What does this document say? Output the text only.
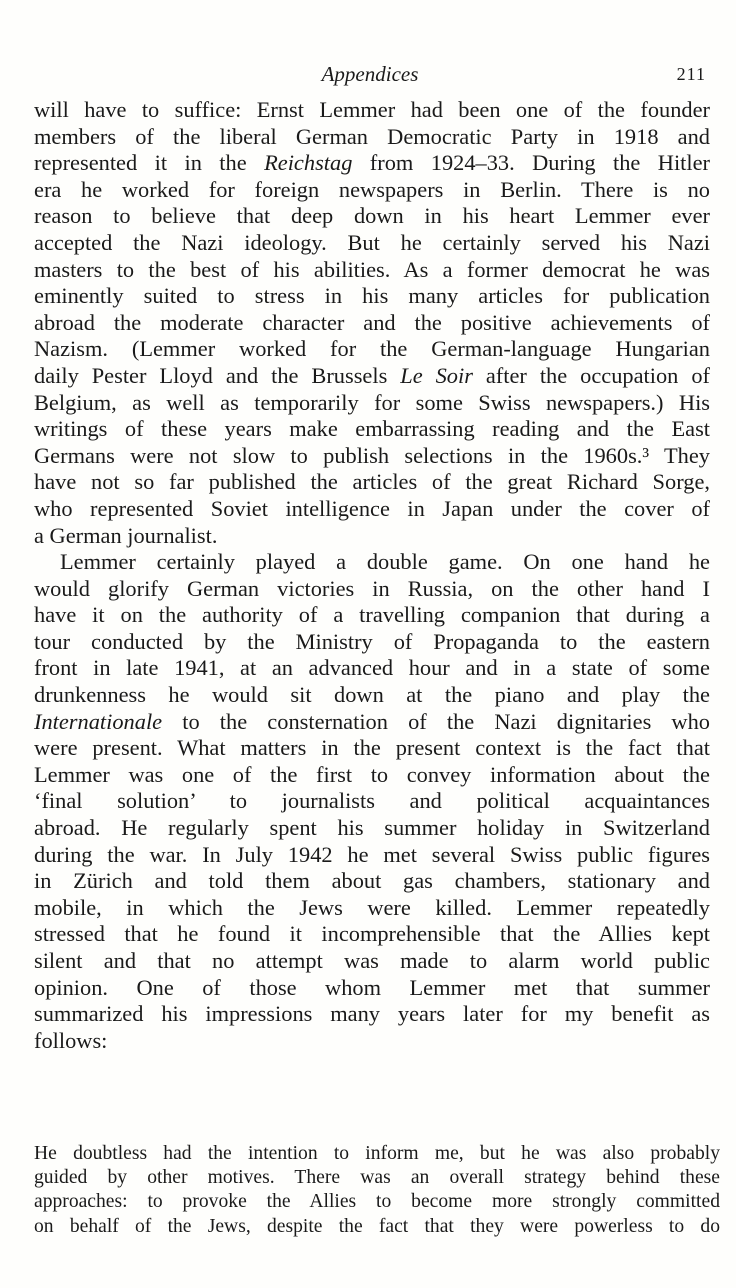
Appendices	211
will have to suffice: Ernst Lemmer had been one of the founder
members of the liberal German Democratic Party in 1918 and
represented it in the Reichstag from 1924–33. During the Hitler
era he worked for foreign newspapers in Berlin. There is no
reason to believe that deep down in his heart Lemmer ever
accepted the Nazi ideology. But he certainly served his Nazi
masters to the best of his abilities. As a former democrat he was
eminently suited to stress in his many articles for publication
abroad the moderate character and the positive achievements of
Nazism. (Lemmer worked for the German-language Hungarian
daily Pester Lloyd and the Brussels Le Soir after the occupation of
Belgium, as well as temporarily for some Swiss newspapers.) His
writings of these years make embarrassing reading and the East
Germans were not slow to publish selections in the 1960s.³ They
have not so far published the articles of the great Richard Sorge,
who represented Soviet intelligence in Japan under the cover of
a German journalist.
Lemmer certainly played a double game. On one hand he
would glorify German victories in Russia, on the other hand I
have it on the authority of a travelling companion that during a
tour conducted by the Ministry of Propaganda to the eastern
front in late 1941, at an advanced hour and in a state of some
drunkenness he would sit down at the piano and play the
Internationale to the consternation of the Nazi dignitaries who
were present. What matters in the present context is the fact that
Lemmer was one of the first to convey information about the
‘final solution’ to journalists and political acquaintances
abroad. He regularly spent his summer holiday in Switzerland
during the war. In July 1942 he met several Swiss public figures
in Zürich and told them about gas chambers, stationary and
mobile, in which the Jews were killed. Lemmer repeatedly
stressed that he found it incomprehensible that the Allies kept
silent and that no attempt was made to alarm world public
opinion. One of those whom Lemmer met that summer
summarized his impressions many years later for my benefit as
follows:
He doubtless had the intention to inform me, but he was also probably
guided by other motives. There was an overall strategy behind these
approaches: to provoke the Allies to become more strongly committed
on behalf of the Jews, despite the fact that they were powerless to do
